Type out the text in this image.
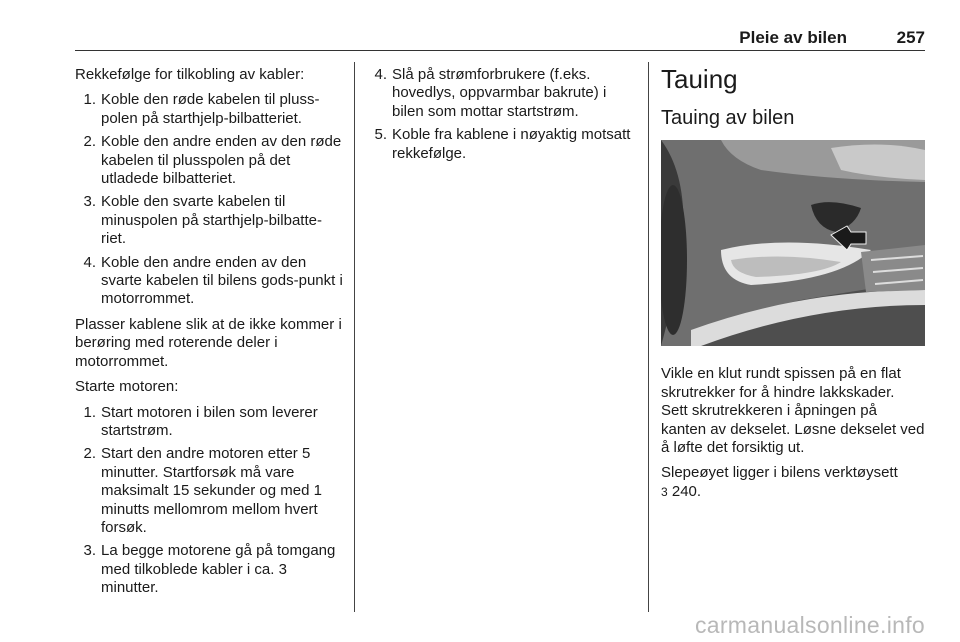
Pleie av bilen	257

Rekkefølge for tilkobling av kabler:

1. Koble den røde kabelen til pluss-polen på starthjelp-bilbatteriet.
2. Koble den andre enden av den røde kabelen til plusspolen på det utladede bilbatteriet.
3. Koble den svarte kabelen til minuspolen på starthjelp-bilbatte-riet.
4. Koble den andre enden av den svarte kabelen til bilens gods-punkt i motorrommet.

Plasser kablene slik at de ikke kommer i berøring med roterende deler i motorrommet.

Starte motoren:

1. Start motoren i bilen som leverer startstrøm.
2. Start den andre motoren etter 5 minutter. Startforsøk må vare maksimalt 15 sekunder og med 1 minutts mellomrom mellom hvert forsøk.
3. La begge motorene gå på tomgang med tilkoblede kabler i ca. 3 minutter.
4. Slå på strømforbrukere (f.eks. hovedlys, oppvarmbar bakrute) i bilen som mottar startstrøm.
5. Koble fra kablene i nøyaktig motsatt rekkefølge.
Tauing
Tauing av bilen

Vikle en klut rundt spissen på en flat skrutrekker for å hindre lakkskader. Sett skrutrekkeren i åpningen på kanten av dekselet. Løsne dekselet ved å løfte det forsiktig ut.

Slepeøyet ligger i bilens verktøysett
3 240.

carmanualsonline.info
